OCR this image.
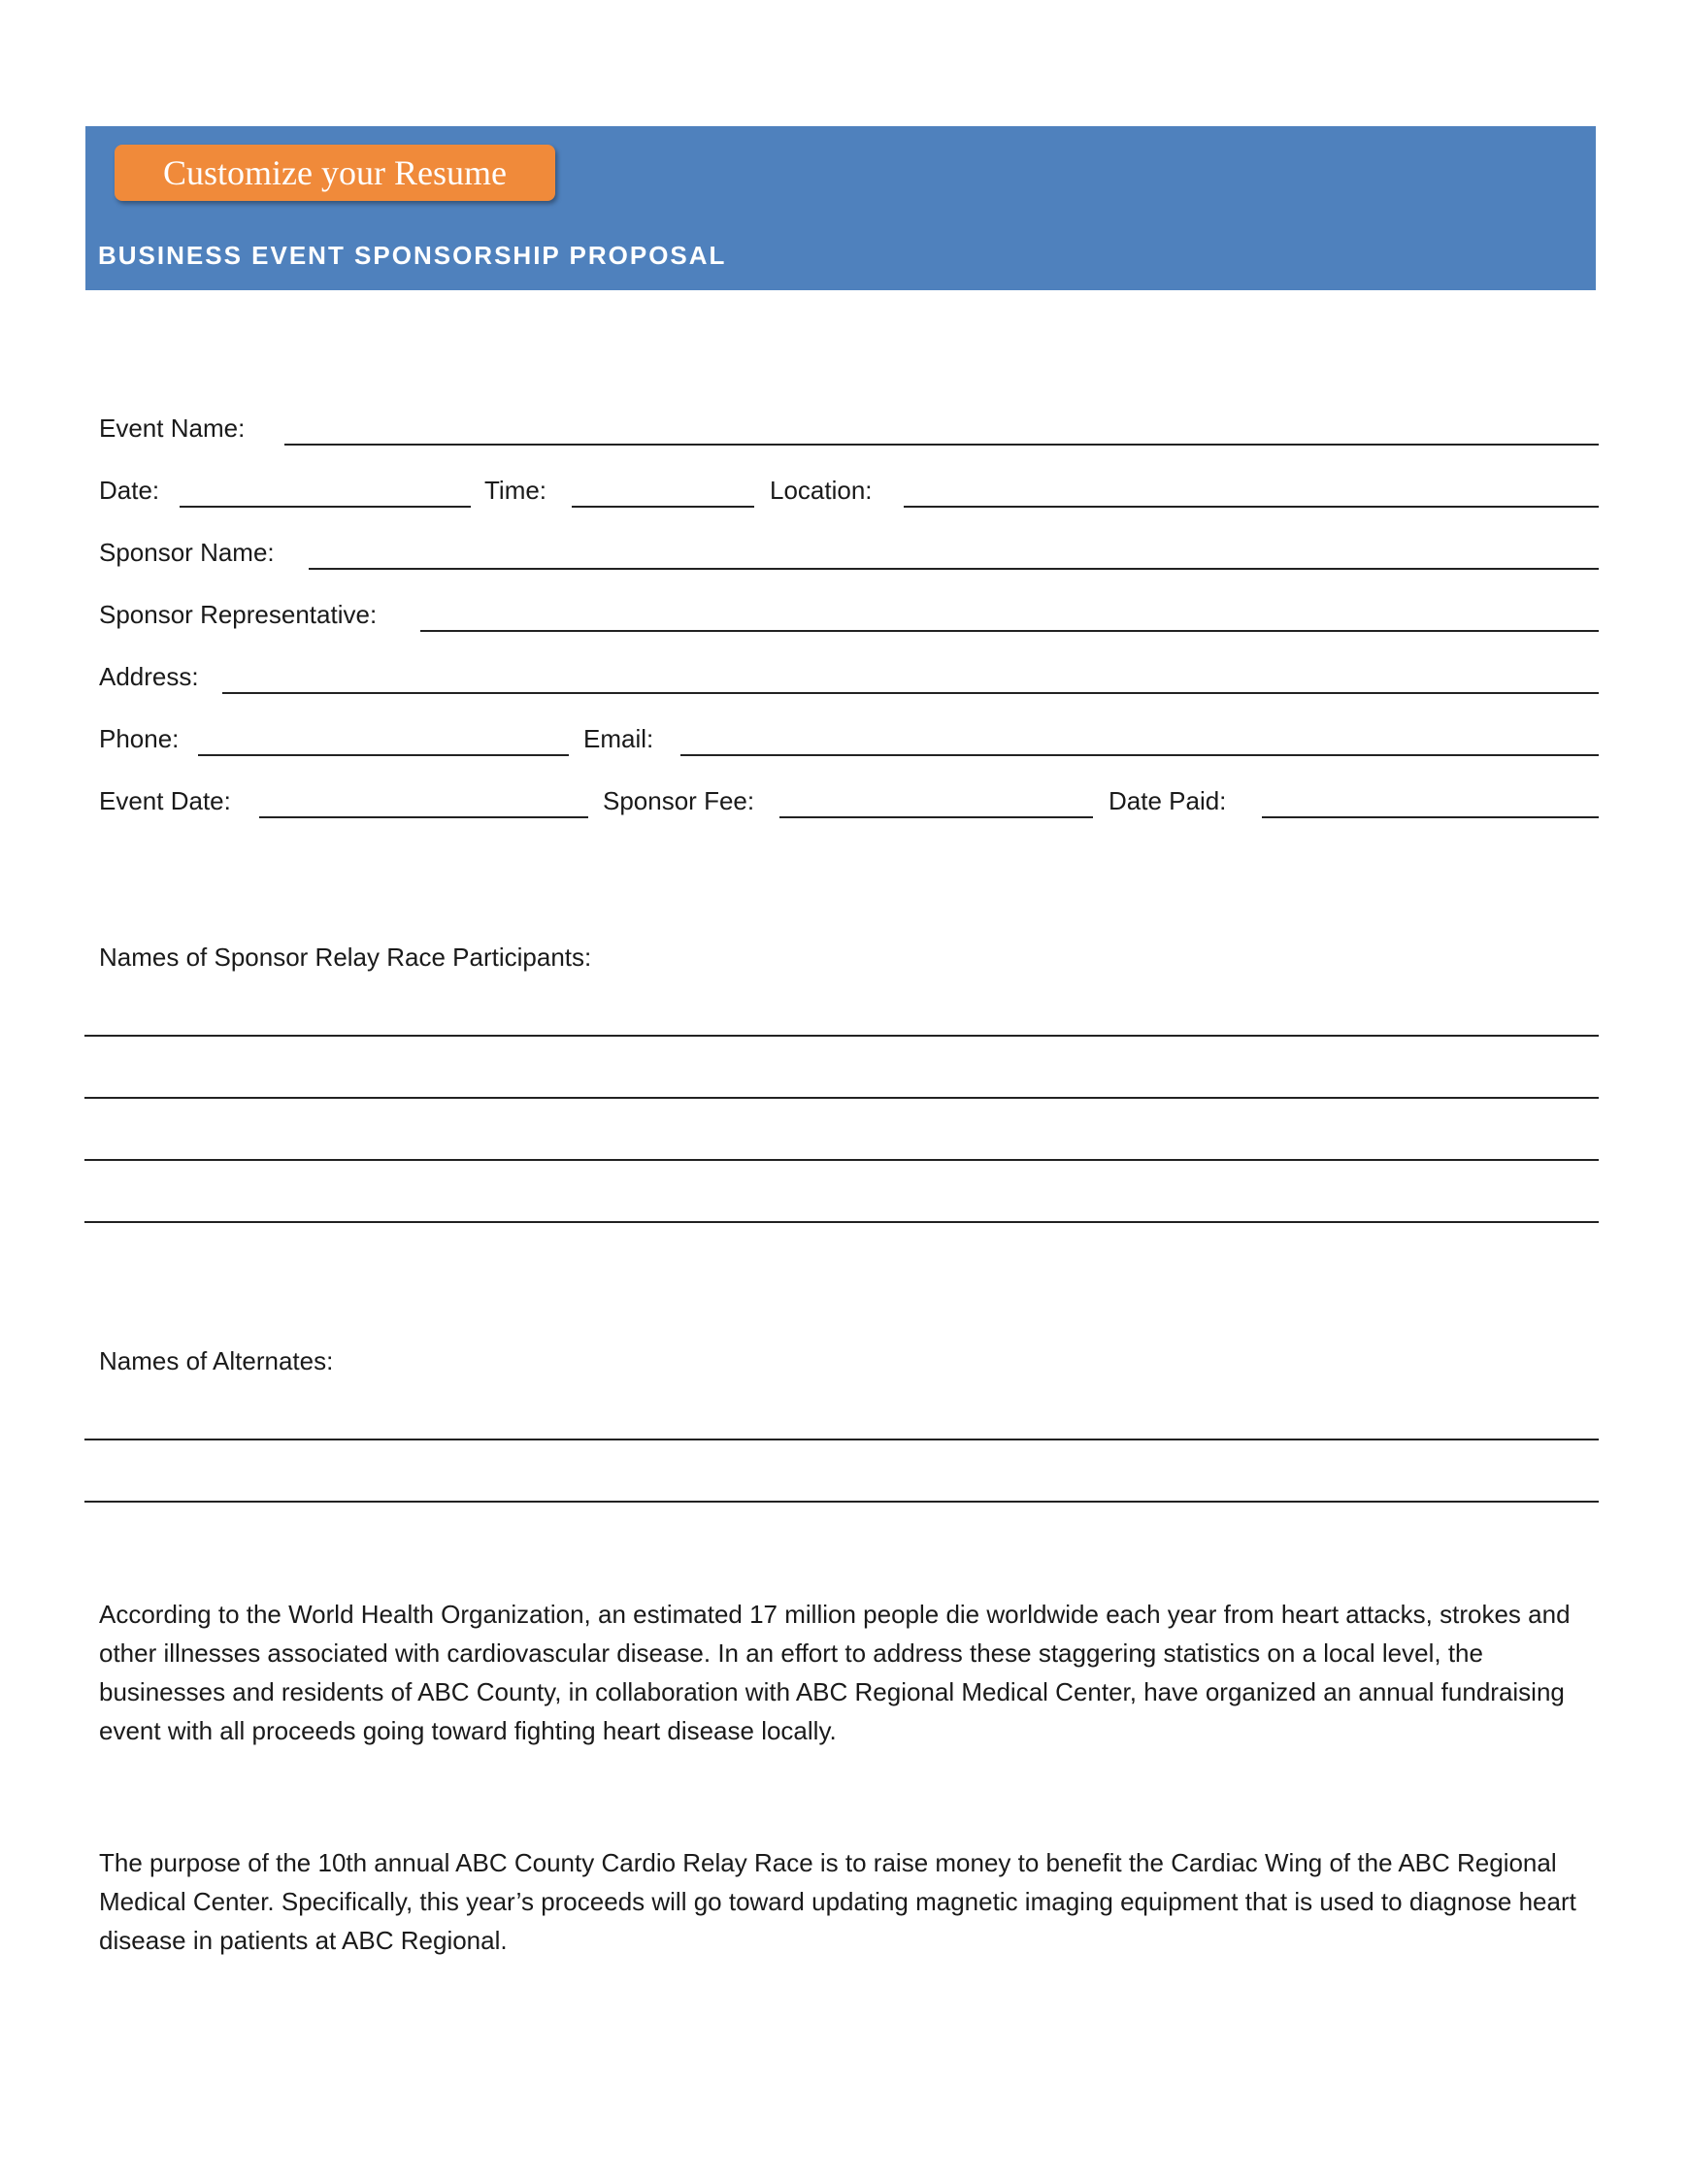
Customize your Resume
BUSINESS EVENT SPONSORSHIP PROPOSAL
Event Name:
Date:	Time:	Location:
Sponsor Name:
Sponsor Representative:
Address:
Phone:	Email:
Event Date:	Sponsor Fee:	Date Paid:
Names of Sponsor Relay Race Participants:
Names of Alternates:

According to the World Health Organization, an estimated 17 million people die worldwide each year from heart attacks, strokes and other illnesses associated with cardiovascular disease. In an effort to address these staggering statistics on a local level, the businesses and residents of ABC County, in collaboration with ABC Regional Medical Center, have organized an annual fundraising event with all proceeds going toward fighting heart disease locally.

The purpose of the 10th annual ABC County Cardio Relay Race is to raise money to benefit the Cardiac Wing of the ABC Regional Medical Center. Specifically, this year’s proceeds will go toward updating magnetic imaging equipment that is used to diagnose heart disease in patients at ABC Regional.
